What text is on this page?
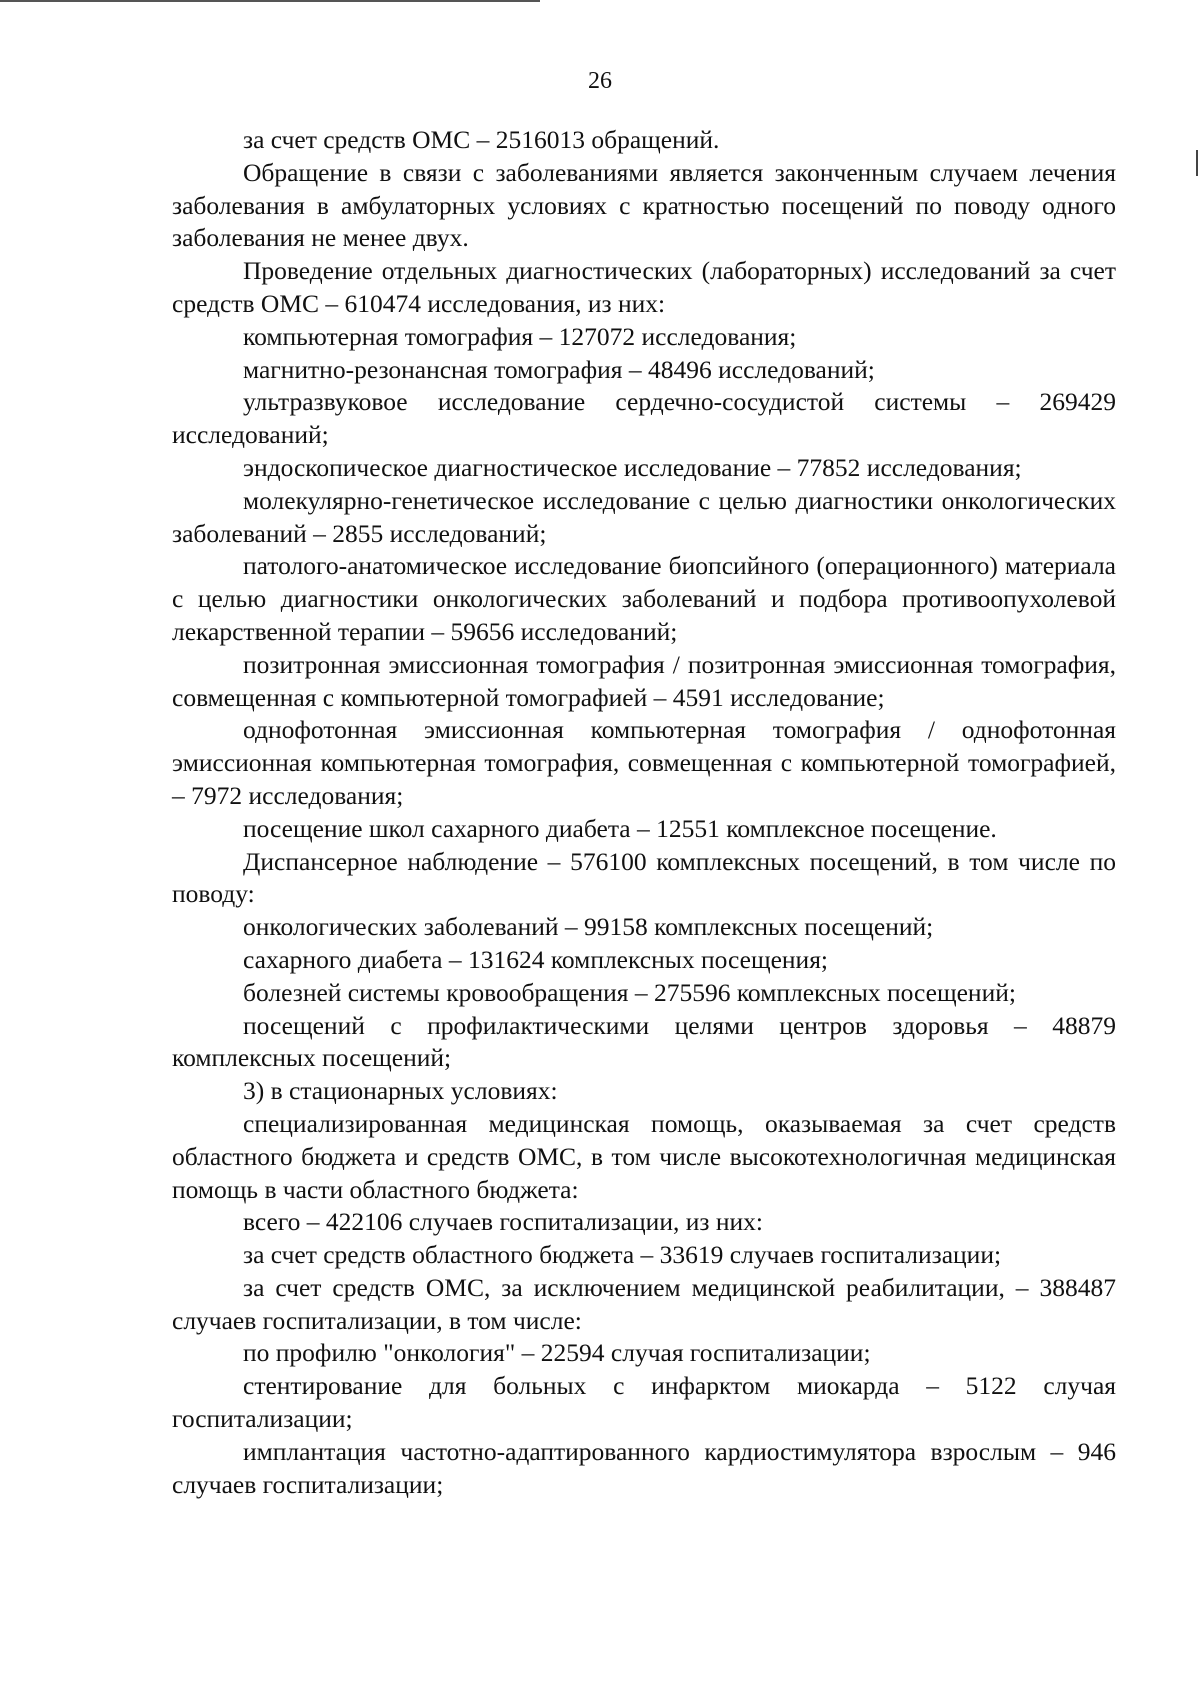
26

за счет средств ОМС – 2516013 обращений.

Обращение в связи с заболеваниями является законченным случаем лечения заболевания в амбулаторных условиях с кратностью посещений по поводу одного заболевания не менее двух.

Проведение отдельных диагностических (лабораторных) исследований за счет средств ОМС – 610474 исследования, из них:

компьютерная томография – 127072 исследования;

магнитно-резонансная томография – 48496 исследований;

ультразвуковое исследование сердечно-сосудистой системы – 269429 исследований;

эндоскопическое диагностическое исследование – 77852 исследования;

молекулярно-генетическое исследование с целью диагностики онкологических заболеваний – 2855 исследований;

патолого-анатомическое исследование биопсийного (операционного) материала с целью диагностики онкологических заболеваний и подбора противоопухолевой лекарственной терапии – 59656 исследований;

позитронная эмиссионная томография / позитронная эмиссионная томография, совмещенная с компьютерной томографией – 4591 исследование;

однофотонная эмиссионная компьютерная томография / однофотонная эмиссионная компьютерная томография, совмещенная с компьютерной томографией, – 7972 исследования;

посещение школ сахарного диабета – 12551 комплексное посещение.

Диспансерное наблюдение – 576100 комплексных посещений, в том числе по поводу:

онкологических заболеваний – 99158 комплексных посещений;

сахарного диабета – 131624 комплексных посещения;

болезней системы кровообращения – 275596 комплексных посещений;

посещений с профилактическими целями центров здоровья – 48879 комплексных посещений;

3) в стационарных условиях:

специализированная медицинская помощь, оказываемая за счет средств областного бюджета и средств ОМС, в том числе высокотехнологичная медицинская помощь в части областного бюджета:

всего – 422106 случаев госпитализации, из них:

за счет средств областного бюджета – 33619 случаев госпитализации;

за счет средств ОМС, за исключением медицинской реабилитации, – 388487 случаев госпитализации, в том числе:

по профилю "онкология" – 22594 случая госпитализации;

стентирование для больных с инфарктом миокарда – 5122 случая госпитализации;

имплантация частотно-адаптированного кардиостимулятора взрослым – 946 случаев госпитализации;
